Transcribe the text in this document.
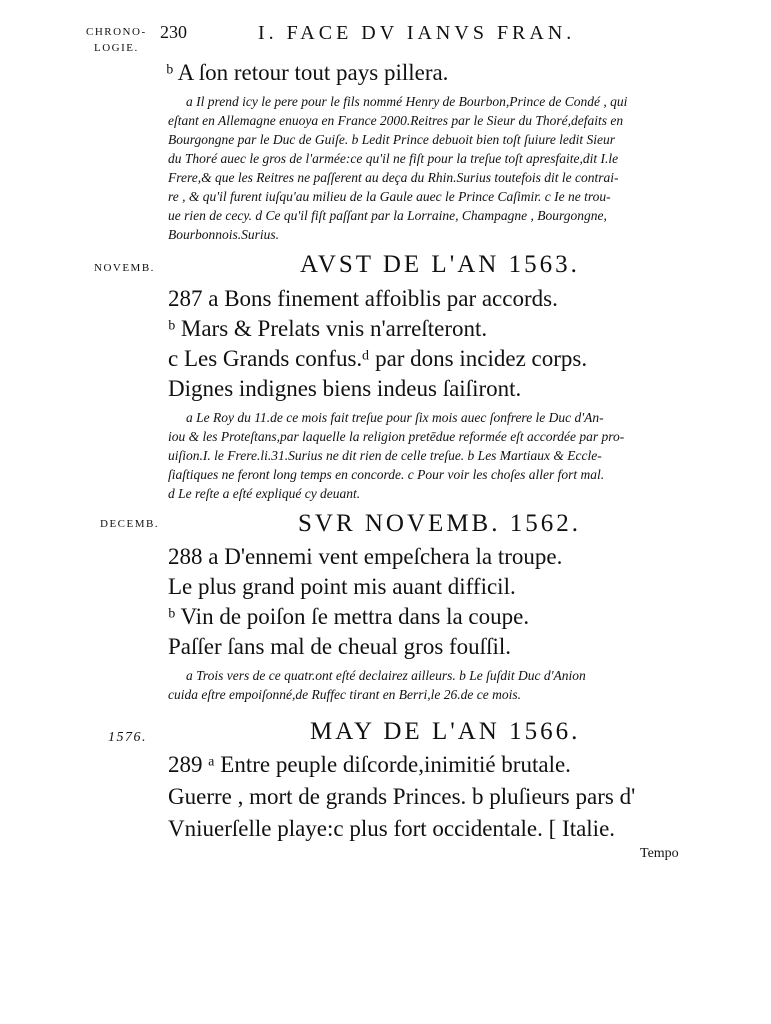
CHRONO-
LOGIE.
230	I. FACE DV IANVS FRAN.
ᵇ A ſon retour tout pays pillera.
a Il prend icy le pere pour le fils nommé Henry de Bourbon,Prince de Condé , qui
eſtant en Allemagne enuoya en France 2000.Reitres par le Sieur du Thoré,defaits en
Bourgongne par le Duc de Guiſe. b Ledit Prince debuoit bien toſt ſuiure ledit Sieur
du Thoré auec le gros de l'armée:ce qu'il ne fiſt pour la treſue toſt apresfaite,dit I.le
Frere,& que les Reitres ne paſſerent au deça du Rhin.Surius toutefois dit le contrai-
re , & qu'il furent iuſqu'au milieu de la Gaule auec le Prince Caſimir. c Ie ne trou-
ue rien de cecy. d Ce qu'il fiſt paſſant par la Lorraine, Champagne , Bourgongne,
Bourbonnois.Surius.
NOVEMB.	AVST DE L'AN 1563.
287 a Bons finement affoiblis par accords.
ᵇ Mars & Prelats vnis n'arreſteront.
c Les Grands confus.ᵈ par dons incidez corps.
Dignes indignes biens indeus ſaiſiront.
a Le Roy du 11.de ce mois fait treſue pour ſix mois auec ſonfrere le Duc d'An-
iou & les Proteſtans,par laquelle la religion pretēdue reformée eſt accordée par pro-
uiſion.I. le Frere.li.31.Surius ne dit rien de celle treſue. b Les Martiaux & Eccle-
ſiaſtiques ne feront long temps en concorde. c Pour voir les choſes aller fort mal.
d Le reſte a eſté expliqué cy deuant.
DECEMB.	SVR NOVEMB. 1562.
288 a D'ennemi vent empeſchera la troupe.
Le plus grand point mis auant difficil.
ᵇ Vin de poiſon ſe mettra dans la coupe.
Paſſer ſans mal de cheual gros fouſſil.
a Trois vers de ce quatr.ont eſté declairez ailleurs. b Le ſuſdit Duc d'Anion
cuida eſtre empoiſonné,de Ruffec tirant en Berri,le 26.de ce mois.
1576.	MAY DE L'AN 1566.
289 ᵃ Entre peuple diſcorde,inimitié brutale.
Guerre , mort de grands Princes. b pluſieurs pars d'
Vniuerſelle playe:c plus fort occidentale. [ Italie.
Tempo
